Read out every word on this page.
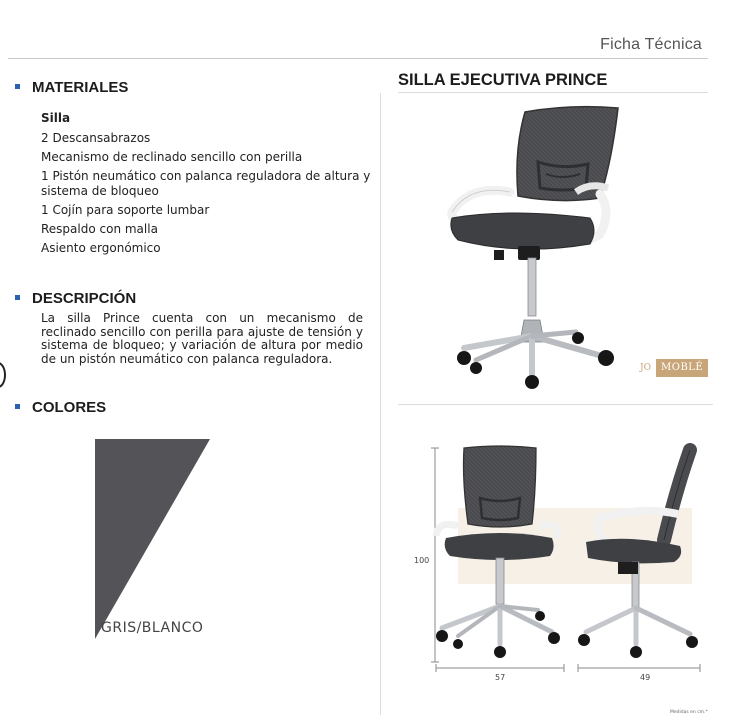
Ficha Técnica
MATERIALES
Silla
2 Descansabrazos
Mecanismo de reclinado sencillo con perilla
1 Pistón neumático con palanca reguladora de altura y sistema de bloqueo
1 Cojín para soporte lumbar
Respaldo con malla
Asiento ergonómico
DESCRIPCIÓN
La silla Prince cuenta con un mecanismo de reclinado sencillo con perilla para ajuste de tensión y sistema de bloqueo; y variación de altura por medio de un pistón neumático con palanca reguladora.
COLORES
GRIS/BLANCO
SILLA EJECUTIVA PRINCE
JO	MOBLÉ
100
57	49
Medidas en cm.*
